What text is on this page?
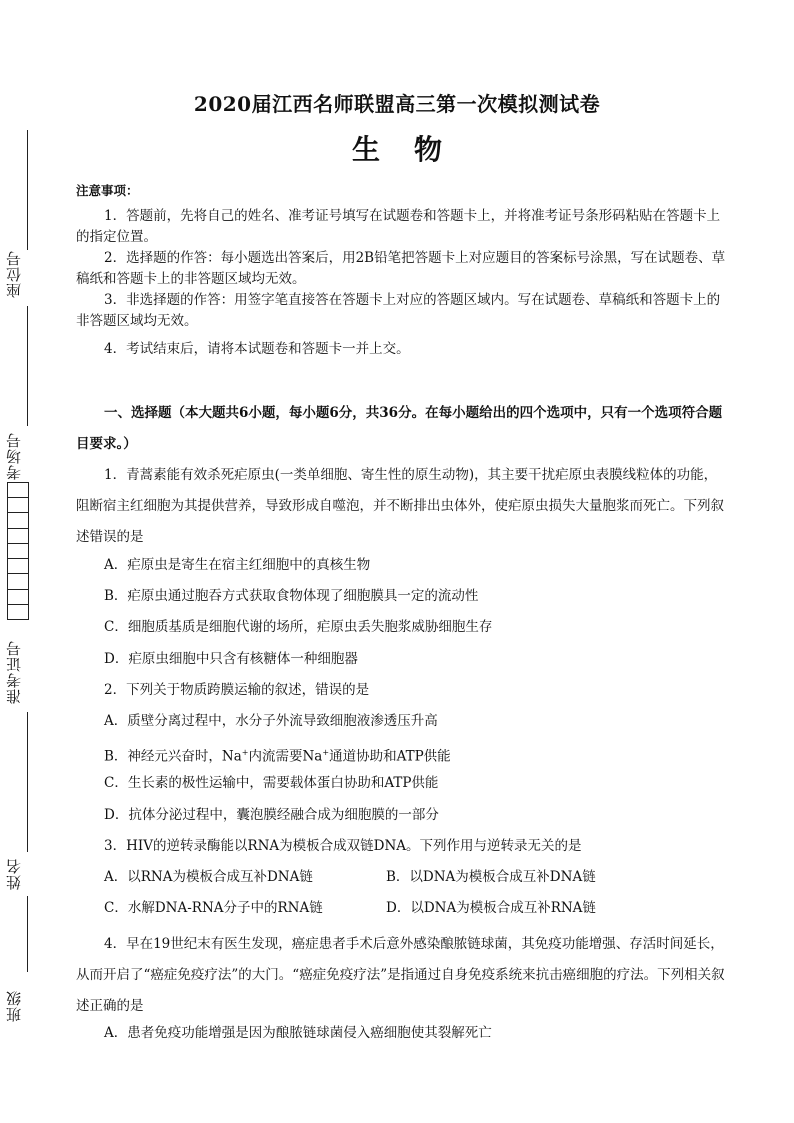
座位号
考场号
准考证号
姓名
班级
2020届江西名师联盟高三第一次模拟测试卷
生物
注意事项：

1．答题前，先将自己的姓名、准考证号填写在试题卷和答题卡上，并将准考证号条形码粘贴在答题卡上的指定位置。

2．选择题的作答：每小题选出答案后，用2B铅笔把答题卡上对应题目的答案标号涂黑，写在试题卷、草稿纸和答题卡上的非答题区域均无效。

3．非选择题的作答：用签字笔直接答在答题卡上对应的答题区域内。写在试题卷、草稿纸和答题卡上的非答题区域均无效。

4．考试结束后，请将本试题卷和答题卡一并上交。

一、选择题（本大题共6小题，每小题6分，共36分。在每小题给出的四个选项中，只有一个选项符合题目要求。）

1．青蒿素能有效杀死疟原虫(一类单细胞、寄生性的原生动物)，其主要干扰疟原虫表膜线粒体的功能，阻断宿主红细胞为其提供营养，导致形成自噬泡，并不断排出虫体外，使疟原虫损失大量胞浆而死亡。下列叙述错误的是

A．疟原虫是寄生在宿主红细胞中的真核生物
B．疟原虫通过胞吞方式获取食物体现了细胞膜具一定的流动性
C．细胞质基质是细胞代谢的场所，疟原虫丢失胞浆威胁细胞生存
D．疟原虫细胞中只含有核糖体一种细胞器
2．下列关于物质跨膜运输的叙述，错误的是
A．质壁分离过程中，水分子外流导致细胞液渗透压升高
B．神经元兴奋时，Na+内流需要Na+通道协助和ATP供能
C．生长素的极性运输中，需要载体蛋白协助和ATP供能
D．抗体分泌过程中，囊泡膜经融合成为细胞膜的一部分
3．HIV的逆转录酶能以RNA为模板合成双链DNA。下列作用与逆转录无关的是
A．以RNA为模板合成互补DNA链	B．以DNA为模板合成互补DNA链
C．水解DNA-RNA分子中的RNA链	D．以DNA为模板合成互补RNA链

4．早在19世纪末有医生发现，癌症患者手术后意外感染酿脓链球菌，其免疫功能增强、存活时间延长，从而开启了“癌症免疫疗法”的大门。“癌症免疫疗法”是指通过自身免疫系统来抗击癌细胞的疗法。下列相关叙述正确的是

A．患者免疫功能增强是因为酿脓链球菌侵入癌细胞使其裂解死亡
